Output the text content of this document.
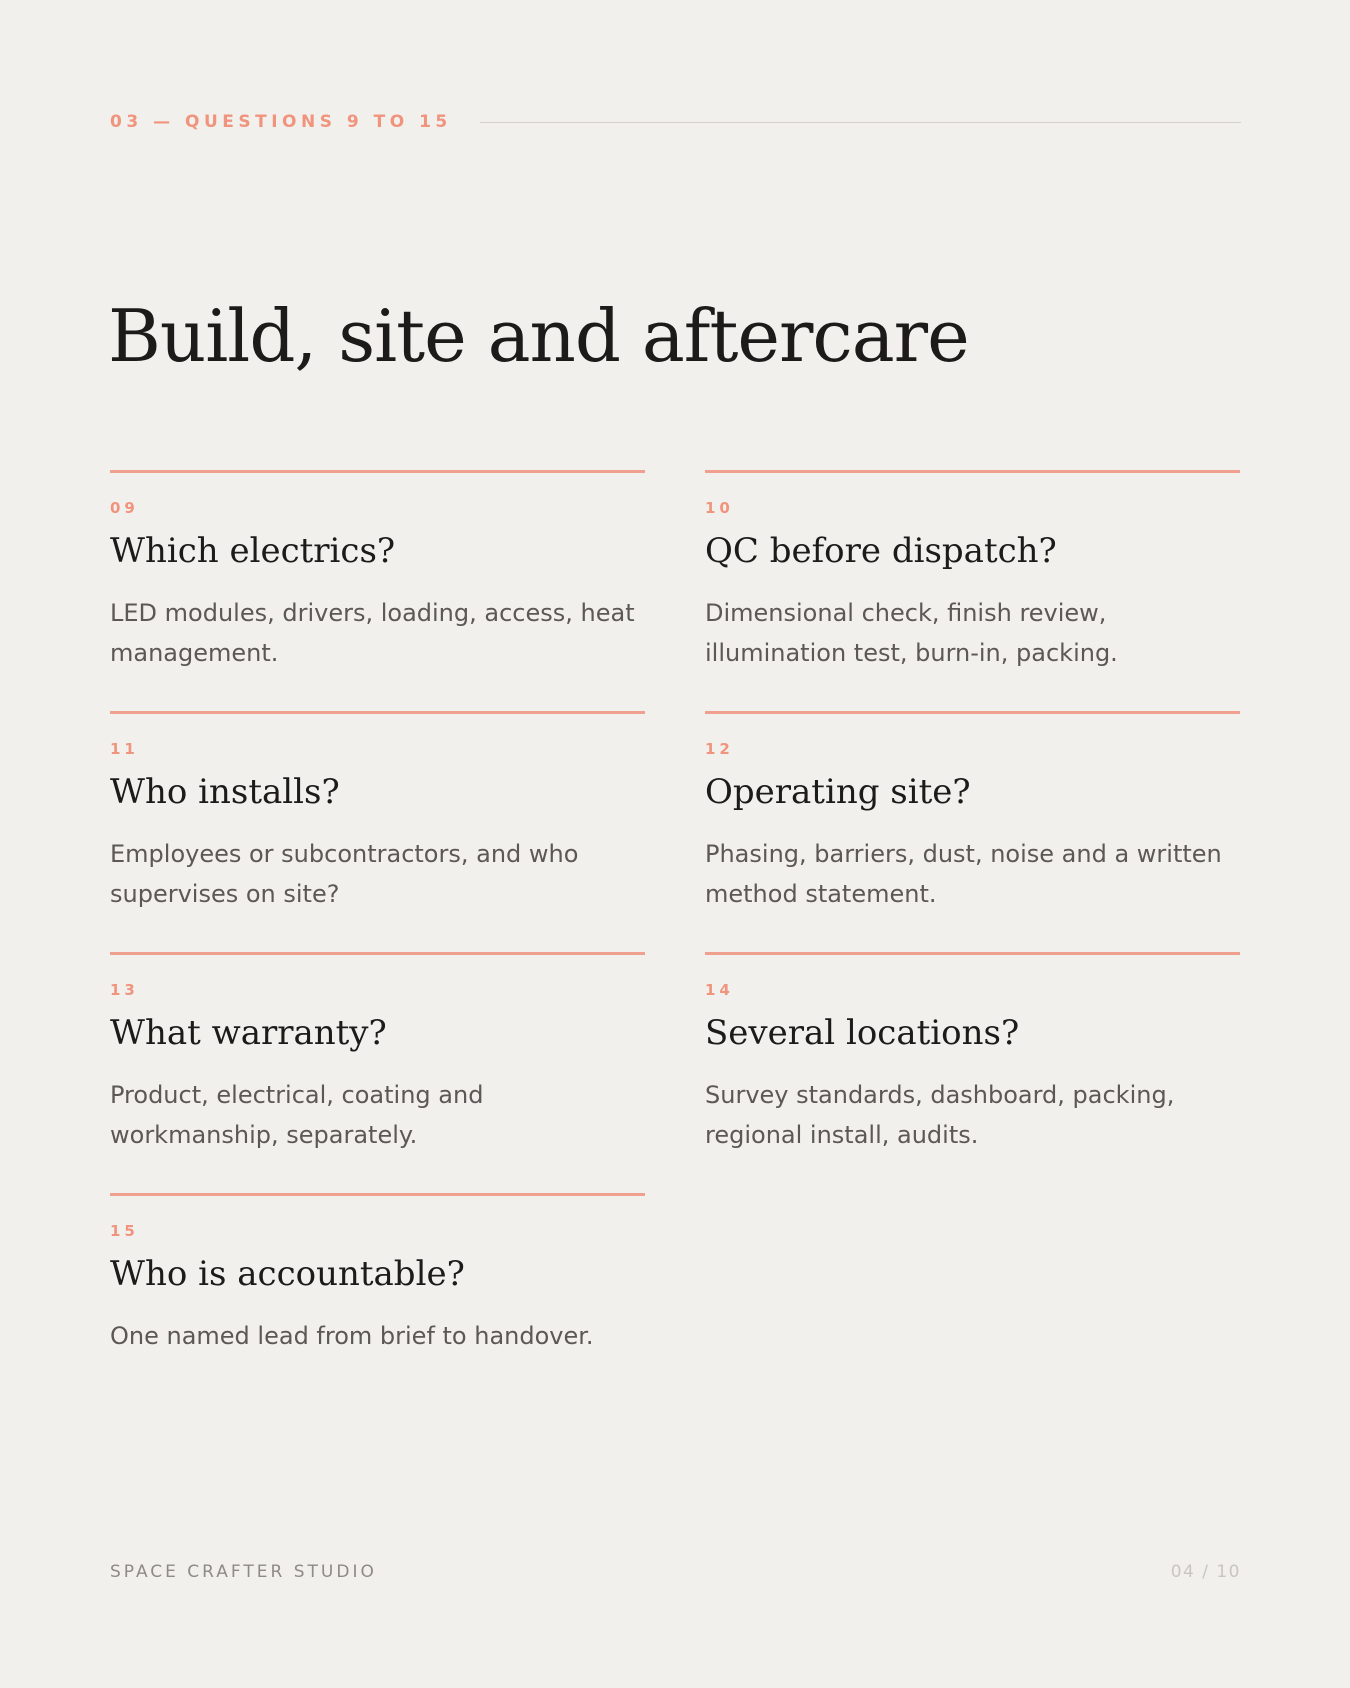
03 — QUESTIONS 9 TO 15
Build, site and aftercare
09
Which electrics?

LED modules, drivers, loading, access, heat management.

10
QC before dispatch?

Dimensional check, finish review, illumination test, burn-in, packing.

11
Who installs?

Employees or subcontractors, and who supervises on site?

12
Operating site?

Phasing, barriers, dust, noise and a written method statement.

13
What warranty?

Product, electrical, coating and workmanship, separately.

14
Several locations?

Survey standards, dashboard, packing, regional install, audits.

15
Who is accountable?

One named lead from brief to handover.

SPACE CRAFTER STUDIO	04 / 10
